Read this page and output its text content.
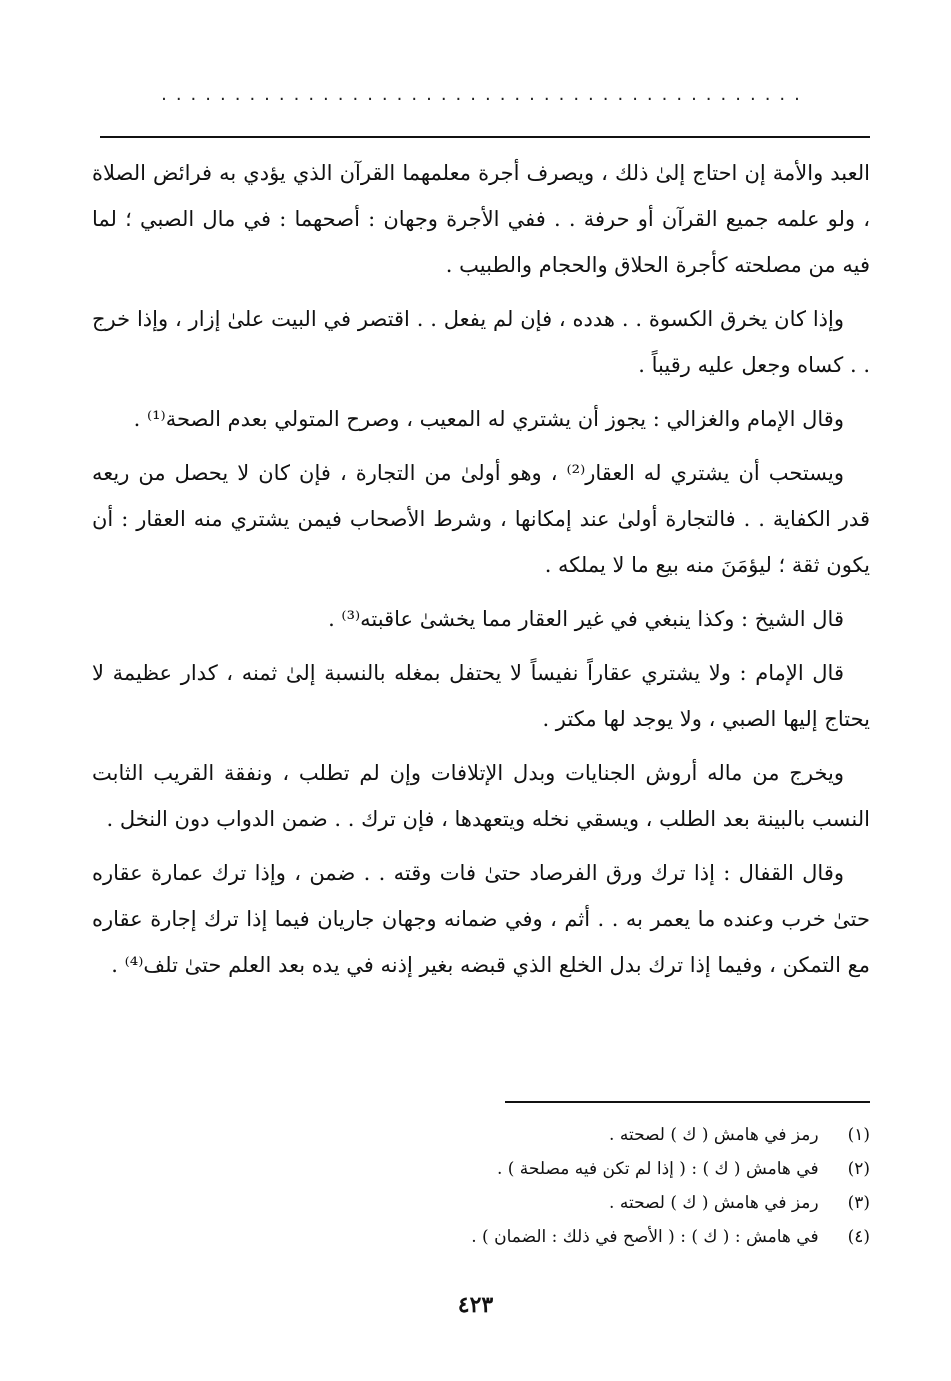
............................................

العبد والأمة إن احتاج إلىٰ ذلك ، ويصرف أجرة معلمهما القرآن الذي يؤدي به فرائض الصلاة ، ولو علمه جميع القرآن أو حرفة . . ففي الأجرة وجهان : أصحهما : في مال الصبي ؛ لما فيه من مصلحته كأجرة الحلاق والحجام والطبيب .

وإذا كان يخرق الكسوة . . هدده ، فإن لم يفعل . . اقتصر في البيت علىٰ إزار ، وإذا خرج . . كساه وجعل عليه رقيباً .

وقال الإمام والغزالي : يجوز أن يشتري له المعيب ، وصرح المتولي بعدم الصحة⁽¹⁾ .

ويستحب أن يشتري له العقار⁽²⁾ ، وهو أولىٰ من التجارة ، فإن كان لا يحصل من ريعه قدر الكفاية . . فالتجارة أولىٰ عند إمكانها ، وشرط الأصحاب فيمن يشتري منه العقار : أن يكون ثقة ؛ ليؤمَنَ منه بيع ما لا يملكه .

قال الشيخ : وكذا ينبغي في غير العقار مما يخشىٰ عاقبته⁽³⁾ .

قال الإمام : ولا يشتري عقاراً نفيساً لا يحتفل بمغله بالنسبة إلىٰ ثمنه ، كدار عظيمة لا يحتاج إليها الصبي ، ولا يوجد لها مكتر .

ويخرج من ماله أروش الجنايات وبدل الإتلافات وإن لم تطلب ، ونفقة القريب الثابت النسب بالبينة بعد الطلب ، ويسقي نخله ويتعهدها ، فإن ترك . . ضمن الدواب دون النخل .

وقال القفال : إذا ترك ورق الفرصاد حتىٰ فات وقته . . ضمن ، وإذا ترك عمارة عقاره حتىٰ خرب وعنده ما يعمر به . . أثم ، وفي ضمانه وجهان جاريان فيما إذا ترك إجارة عقاره مع التمكن ، وفيما إذا ترك بدل الخلع الذي قبضه بغير إذنه في يده بعد العلم حتىٰ تلف⁽⁴⁾ .

(١) رمز في هامش ( ك ) لصحته .
(٢) في هامش ( ك ) : ( إذا لم تكن فيه مصلحة ) .
(٣) رمز في هامش ( ك ) لصحته .
(٤) في هامش : ( ك ) : ( الأصح في ذلك : الضمان ) .
٤٢٣
